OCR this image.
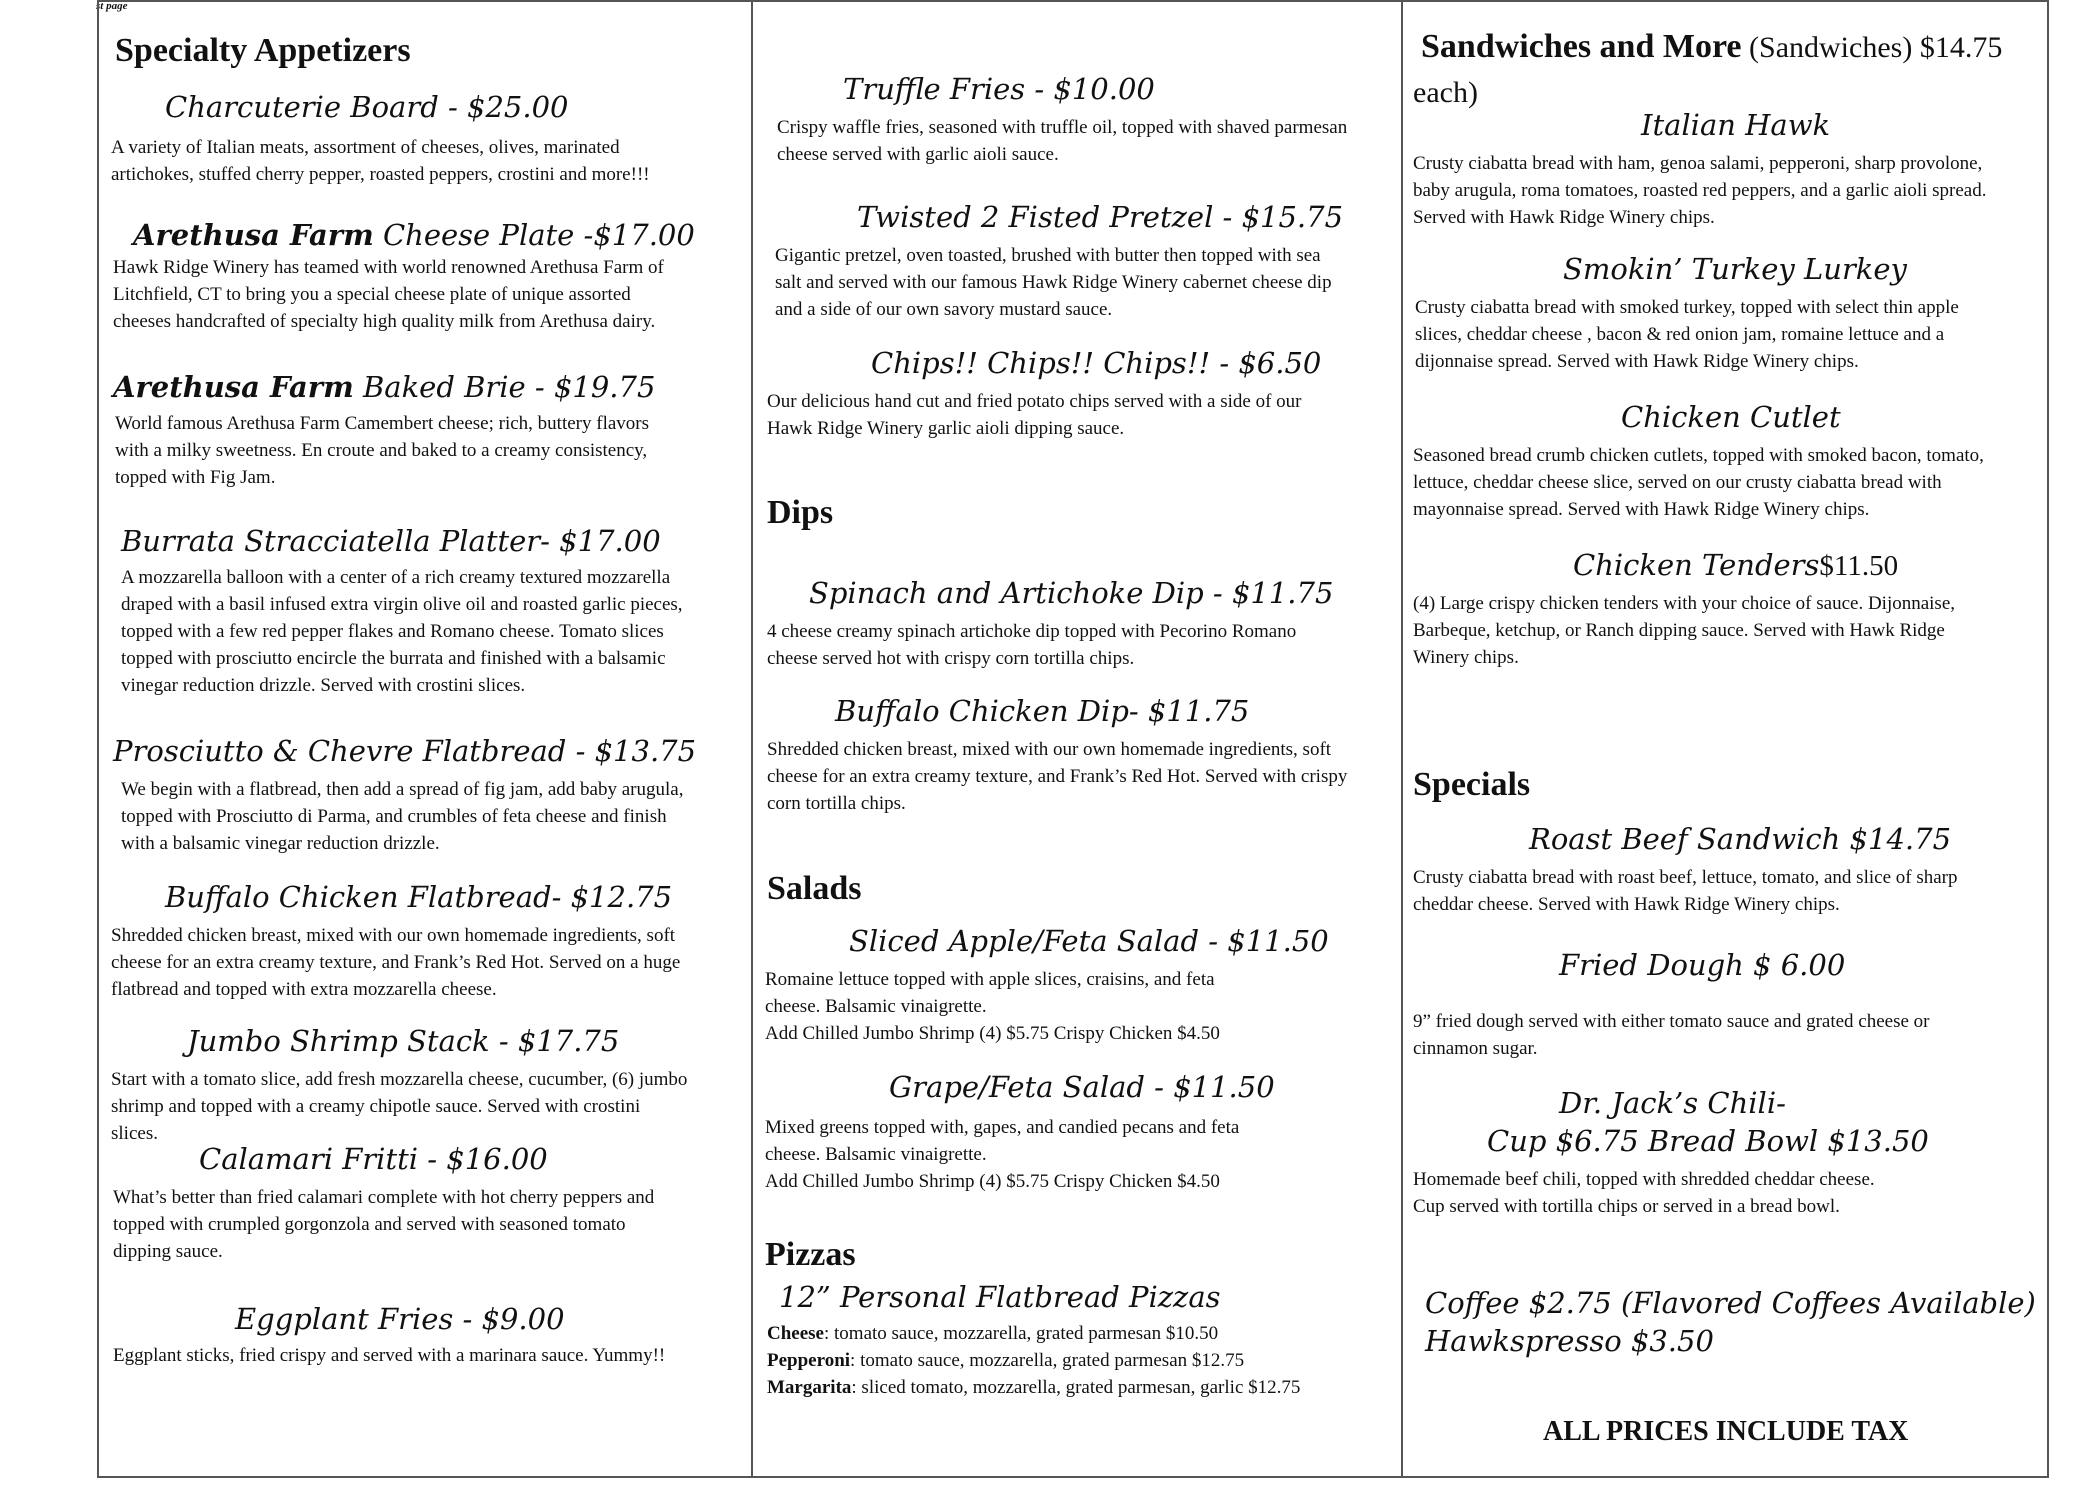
st page
Specialty Appetizers
Charcuterie Board - $25.00
A variety of Italian meats, assortment of cheeses, olives, marinated
artichokes, stuffed cherry pepper, roasted peppers, crostini and more!!!
Arethusa Farm Cheese Plate -$17.00
Hawk Ridge Winery has teamed with world renowned Arethusa Farm of
Litchfield, CT to bring you a special cheese plate of unique assorted
cheeses handcrafted of specialty high quality milk from Arethusa dairy.
Arethusa Farm Baked Brie - $19.75
World famous Arethusa Farm Camembert cheese; rich, buttery flavors
with a milky sweetness. En croute and baked to a creamy consistency,
topped with Fig Jam.
Burrata Stracciatella Platter- $17.00
A mozzarella balloon with a center of a rich creamy textured mozzarella
draped with a basil infused extra virgin olive oil and roasted garlic pieces,
topped with a few red pepper flakes and Romano cheese. Tomato slices
topped with prosciutto encircle the burrata and finished with a balsamic
vinegar reduction drizzle. Served with crostini slices.
Prosciutto & Chevre Flatbread - $13.75
We begin with a flatbread, then add a spread of fig jam, add baby arugula,
topped with Prosciutto di Parma, and crumbles of feta cheese and finish
with a balsamic vinegar reduction drizzle.
Buffalo Chicken Flatbread- $12.75
Shredded chicken breast, mixed with our own homemade ingredients, soft
cheese for an extra creamy texture, and Frank’s Red Hot. Served on a huge
flatbread and topped with extra mozzarella cheese.
Jumbo Shrimp Stack - $17.75
Start with a tomato slice, add fresh mozzarella cheese, cucumber, (6) jumbo
shrimp and topped with a creamy chipotle sauce. Served with crostini
slices.
Calamari Fritti - $16.00
What’s better than fried calamari complete with hot cherry peppers and
topped with crumpled gorgonzola and served with seasoned tomato
dipping sauce.
Eggplant Fries - $9.00
Eggplant sticks, fried crispy and served with a marinara sauce. Yummy!!
Truffle Fries - $10.00
Crispy waffle fries, seasoned with truffle oil, topped with shaved parmesan
cheese served with garlic aioli sauce.
Twisted 2 Fisted Pretzel - $15.75
Gigantic pretzel, oven toasted, brushed with butter then topped with sea
salt and served with our famous Hawk Ridge Winery cabernet cheese dip
and a side of our own savory mustard sauce.
Chips!! Chips!! Chips!! - $6.50
Our delicious hand cut and fried potato chips served with a side of our
Hawk Ridge Winery garlic aioli dipping sauce.
Dips
Spinach and Artichoke Dip - $11.75
4 cheese creamy spinach artichoke dip topped with Pecorino Romano
cheese served hot with crispy corn tortilla chips.
Buffalo Chicken Dip- $11.75
Shredded chicken breast, mixed with our own homemade ingredients, soft
cheese for an extra creamy texture, and Frank’s Red Hot. Served with crispy
corn tortilla chips.
Salads
Sliced Apple/Feta Salad - $11.50
Romaine lettuce topped with apple slices, craisins, and feta
cheese. Balsamic vinaigrette.
Add Chilled Jumbo Shrimp (4) $5.75 Crispy Chicken $4.50
Grape/Feta Salad - $11.50
Mixed greens topped with, gapes, and candied pecans and feta
cheese. Balsamic vinaigrette.
Add Chilled Jumbo Shrimp (4) $5.75 Crispy Chicken $4.50
Pizzas
12” Personal Flatbread Pizzas
Cheese: tomato sauce, mozzarella, grated parmesan $10.50
Pepperoni: tomato sauce, mozzarella, grated parmesan $12.75
Margarita: sliced tomato, mozzarella, grated parmesan, garlic $12.75
Sandwiches and More (Sandwiches) $14.75
each)
Italian Hawk
Crusty ciabatta bread with ham, genoa salami, pepperoni, sharp provolone,
baby arugula, roma tomatoes, roasted red peppers, and a garlic aioli spread.
Served with Hawk Ridge Winery chips.
Smokin’ Turkey Lurkey
Crusty ciabatta bread with smoked turkey, topped with select thin apple
slices, cheddar cheese , bacon & red onion jam, romaine lettuce and a
dijonnaise spread. Served with Hawk Ridge Winery chips.
Chicken Cutlet
Seasoned bread crumb chicken cutlets, topped with smoked bacon, tomato,
lettuce, cheddar cheese slice, served on our crusty ciabatta bread with
mayonnaise spread. Served with Hawk Ridge Winery chips.
Chicken Tenders$11.50
(4) Large crispy chicken tenders with your choice of sauce. Dijonnaise,
Barbeque, ketchup, or Ranch dipping sauce. Served with Hawk Ridge
Winery chips.
Specials
Roast Beef Sandwich $14.75
Crusty ciabatta bread with roast beef, lettuce, tomato, and slice of sharp
cheddar cheese. Served with Hawk Ridge Winery chips.
Fried Dough $ 6.00
9” fried dough served with either tomato sauce and grated cheese or
cinnamon sugar.
Dr. Jack’s Chili-
Cup $6.75 Bread Bowl $13.50
Homemade beef chili, topped with shredded cheddar cheese.
Cup served with tortilla chips or served in a bread bowl.
Coffee $2.75 (Flavored Coffees Available)
Hawkspresso $3.50
ALL PRICES INCLUDE TAX
